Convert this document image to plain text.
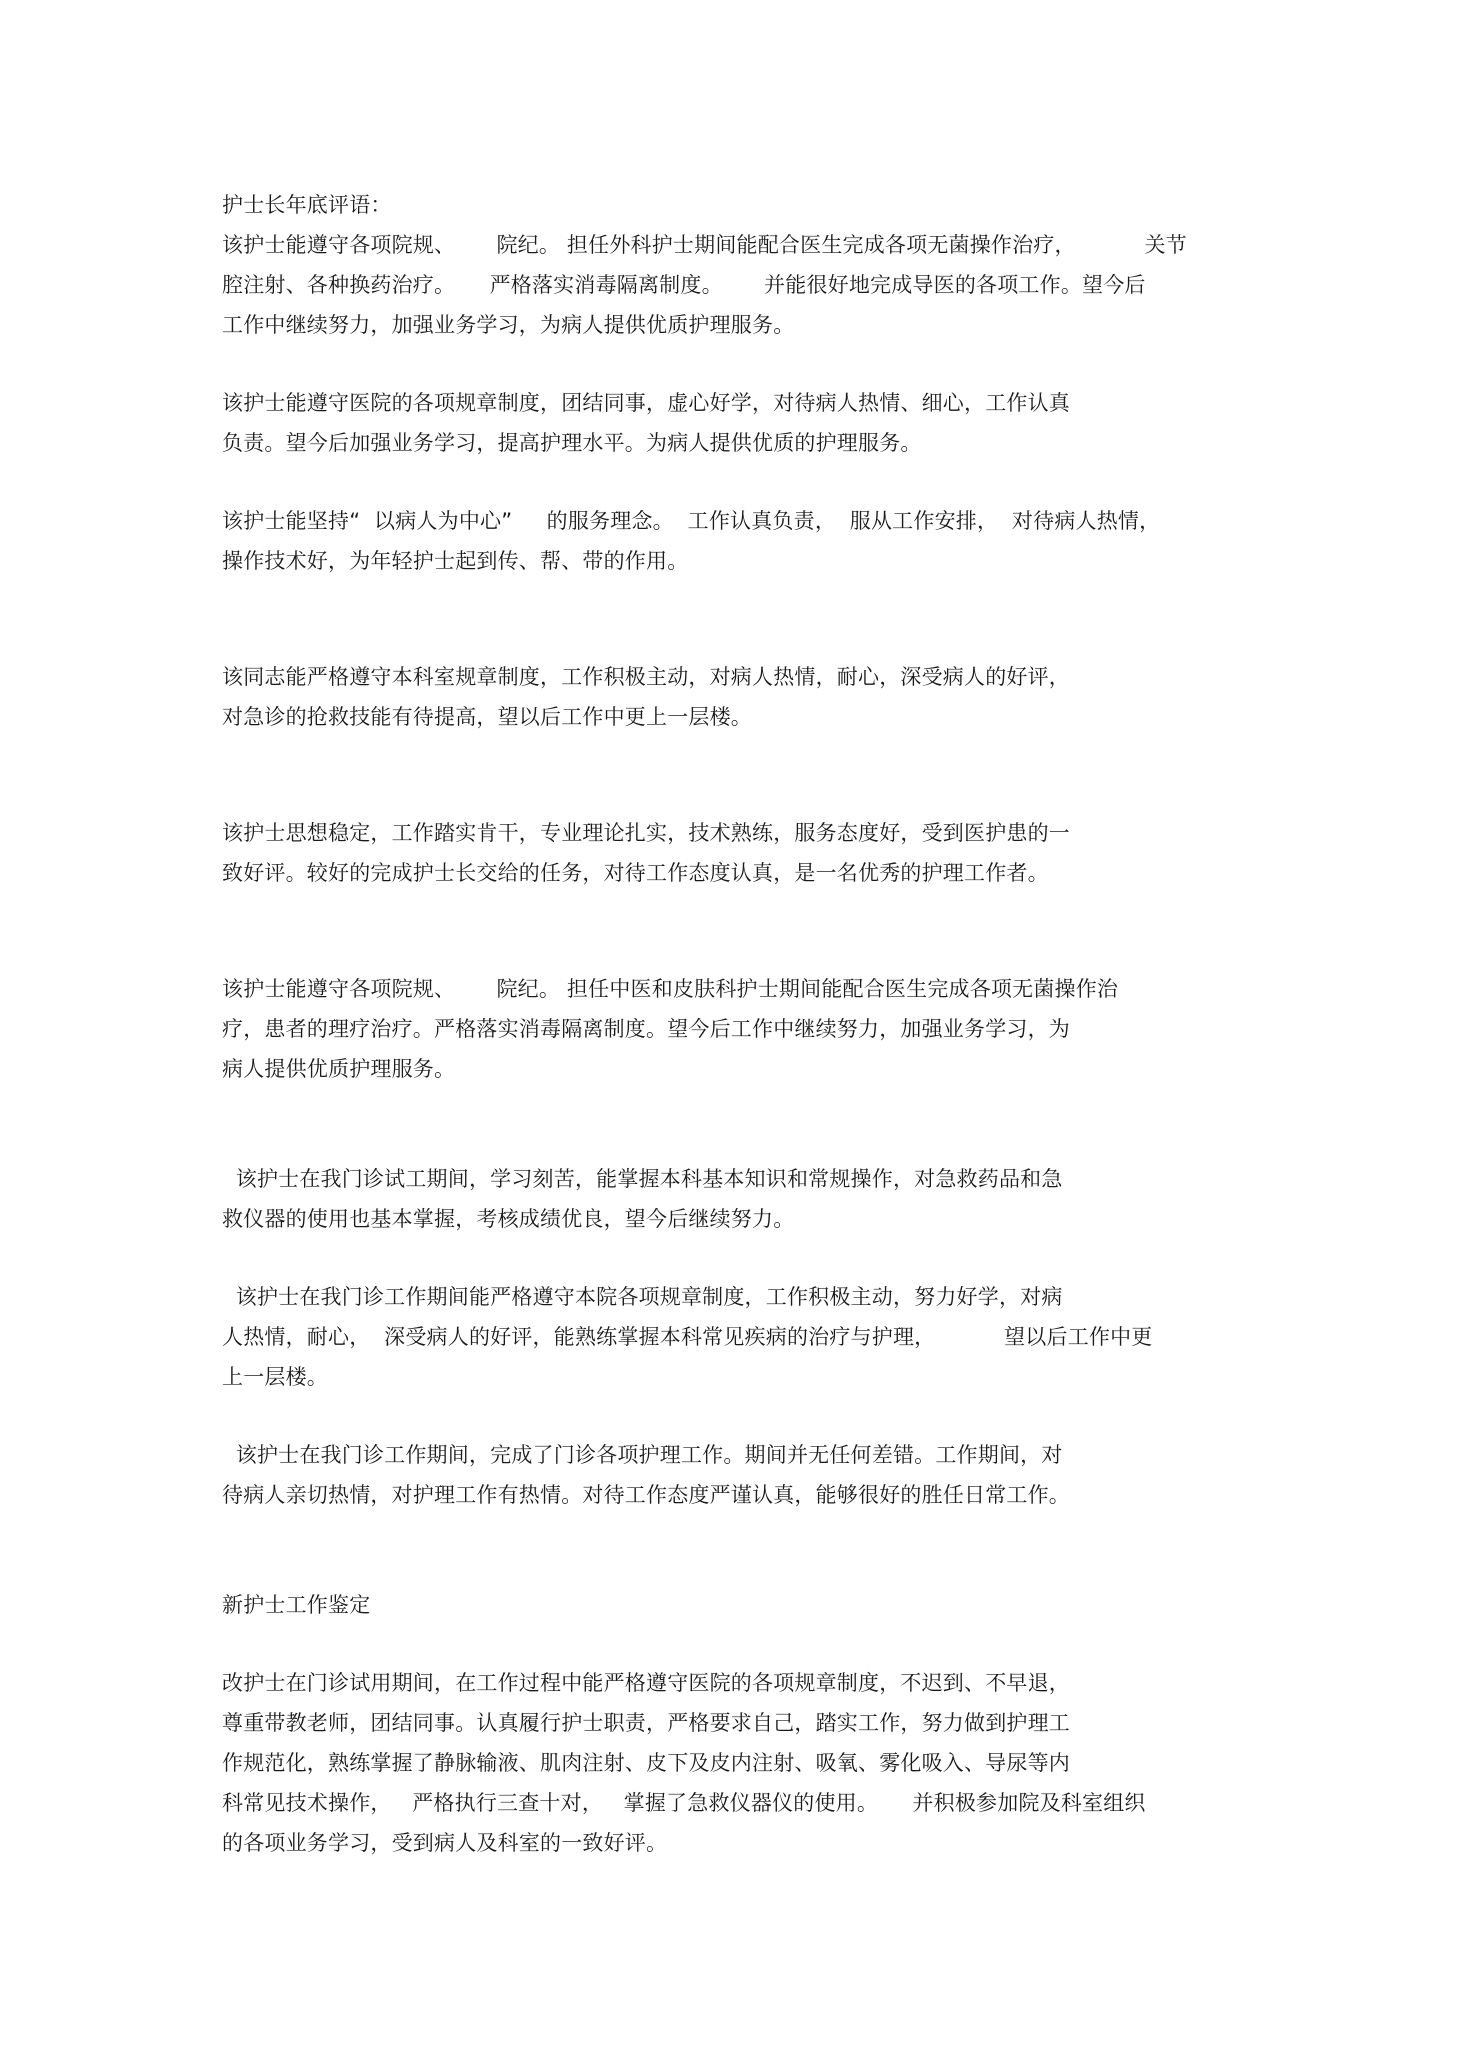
护士长年底评语：
该护士能遵守各项院规、      院纪。 担任外科护士期间能配合医生完成各项无菌操作治疗，          关节
腔注射、各种换药治疗。     严格落实消毒隔离制度。      并能很好地完成导医的各项工作。望今后
工作中继续努力，加强业务学习，为病人提供优质护理服务。
该护士能遵守医院的各项规章制度，团结同事，虚心好学，对待病人热情、细心，工作认真
负责。望今后加强业务学习，提高护理水平。为病人提供优质的护理服务。
该护士能坚持“  以病人为中心”     的服务理念。  工作认真负责，  服从工作安排，  对待病人热情，
操作技术好，为年轻护士起到传、帮、带的作用。
该同志能严格遵守本科室规章制度，工作积极主动，对病人热情，耐心，深受病人的好评，
对急诊的抢救技能有待提高，望以后工作中更上一层楼。
该护士思想稳定，工作踏实肯干，专业理论扎实，技术熟练，服务态度好，受到医护患的一
致好评。较好的完成护士长交给的任务，对待工作态度认真，是一名优秀的护理工作者。
该护士能遵守各项院规、      院纪。 担任中医和皮肤科护士期间能配合医生完成各项无菌操作治
疗，患者的理疗治疗。严格落实消毒隔离制度。望今后工作中继续努力，加强业务学习，为
病人提供优质护理服务。
该护士在我门诊试工期间，学习刻苦，能掌握本科基本知识和常规操作，对急救药品和急
救仪器的使用也基本掌握，考核成绩优良，望今后继续努力。
该护士在我门诊工作期间能严格遵守本院各项规章制度，工作积极主动，努力好学，对病
人热情，耐心，  深受病人的好评，能熟练掌握本科常见疾病的治疗与护理，          望以后工作中更
上一层楼。
该护士在我门诊工作期间，完成了门诊各项护理工作。期间并无任何差错。工作期间，对
待病人亲切热情，对护理工作有热情。对待工作态度严谨认真，能够很好的胜任日常工作。
新护士工作鉴定
改护士在门诊试用期间，在工作过程中能严格遵守医院的各项规章制度，不迟到、不早退，
尊重带教老师，团结同事。认真履行护士职责，严格要求自己，踏实工作，努力做到护理工
作规范化，熟练掌握了静脉输液、肌肉注射、皮下及皮内注射、吸氧、雾化吸入、导尿等内
科常见技术操作，   严格执行三查十对，   掌握了急救仪器仪的使用。     并积极参加院及科室组织
的各项业务学习，受到病人及科室的一致好评。
